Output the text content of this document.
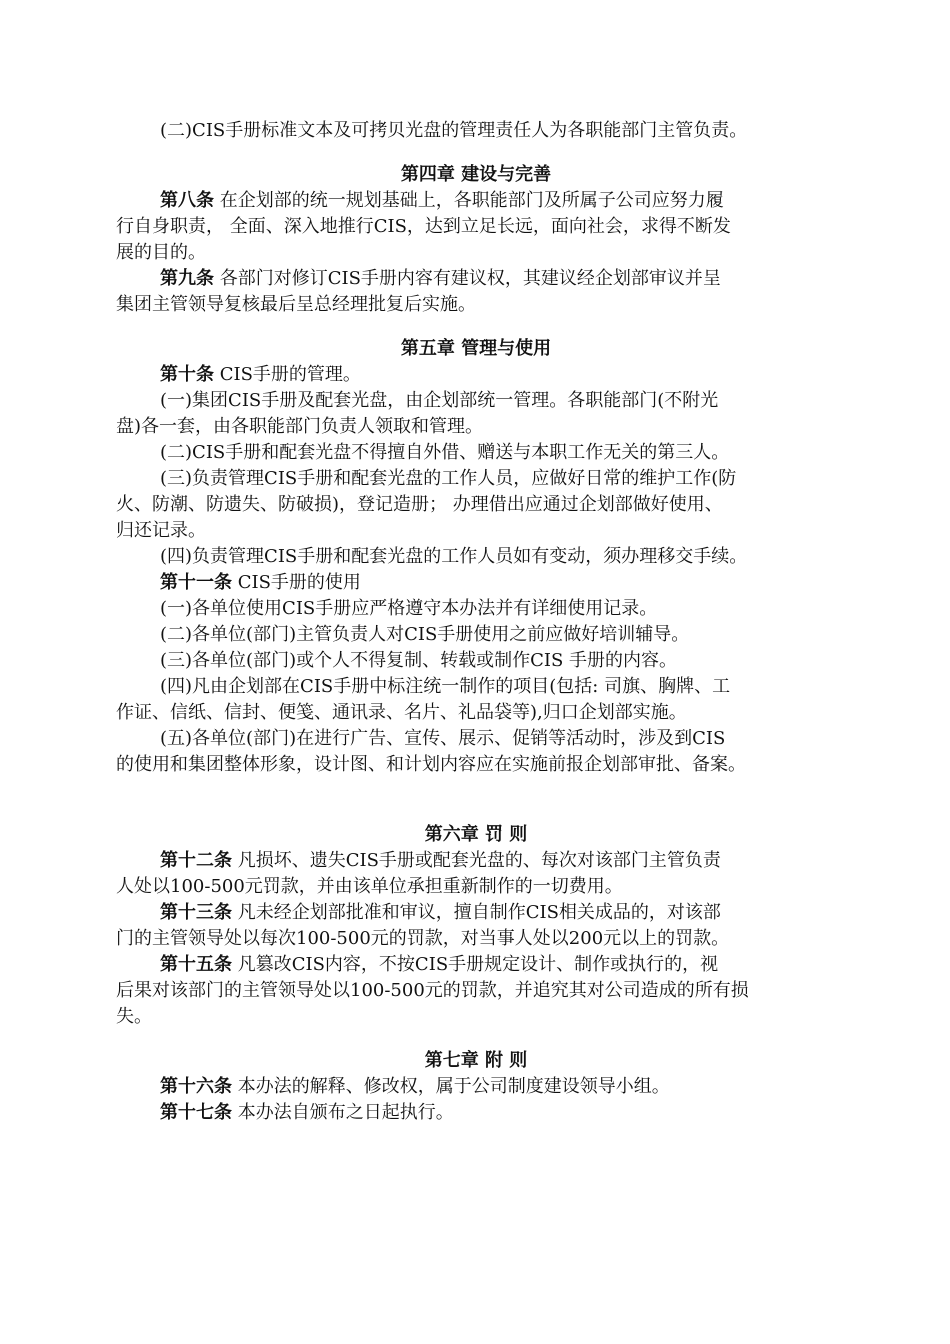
(二)CIS手册标准文本及可拷贝光盘的管理责任人为各职能部门主管负责。
第四章 建设与完善
第八条 在企划部的统一规划基础上，各职能部门及所属子公司应努力履
行自身职责， 全面、深入地推行CIS，达到立足长远，面向社会，求得不断发
展的目的。
第九条 各部门对修订CIS手册内容有建议权，其建议经企划部审议并呈
集团主管领导复核最后呈总经理批复后实施。
第五章 管理与使用
第十条 CIS手册的管理。
(一)集团CIS手册及配套光盘，由企划部统一管理。各职能部门(不附光
盘)各一套，由各职能部门负责人领取和管理。
(二)CIS手册和配套光盘不得擅自外借、赠送与本职工作无关的第三人。
(三)负责管理CIS手册和配套光盘的工作人员，应做好日常的维护工作(防
火、防潮、防遗失、防破损)，登记造册； 办理借出应通过企划部做好使用、
归还记录。
(四)负责管理CIS手册和配套光盘的工作人员如有变动，须办理移交手续。
第十一条 CIS手册的使用
(一)各单位使用CIS手册应严格遵守本办法并有详细使用记录。
(二)各单位(部门)主管负责人对CIS手册使用之前应做好培训辅导。
(三)各单位(部门)或个人不得复制、转载或制作CIS 手册的内容。
(四)凡由企划部在CIS手册中标注统一制作的项目(包括: 司旗、胸牌、工
作证、信纸、信封、便笺、通讯录、名片、礼品袋等),归口企划部实施。
(五)各单位(部门)在进行广告、宣传、展示、促销等活动时，涉及到CIS
的使用和集团整体形象，设计图、和计划内容应在实施前报企划部审批、备案。
第六章 罚 则
第十二条 凡损坏、遗失CIS手册或配套光盘的、每次对该部门主管负责
人处以100-500元罚款，并由该单位承担重新制作的一切费用。
第十三条 凡未经企划部批准和审议，擅自制作CIS相关成品的，对该部
门的主管领导处以每次100-500元的罚款，对当事人处以200元以上的罚款。
第十五条 凡篡改CIS内容，不按CIS手册规定设计、制作或执行的，视
后果对该部门的主管领导处以100-500元的罚款，并追究其对公司造成的所有损
失。
第七章 附 则
第十六条 本办法的解释、修改权，属于公司制度建设领导小组。
第十七条 本办法自颁布之日起执行。
